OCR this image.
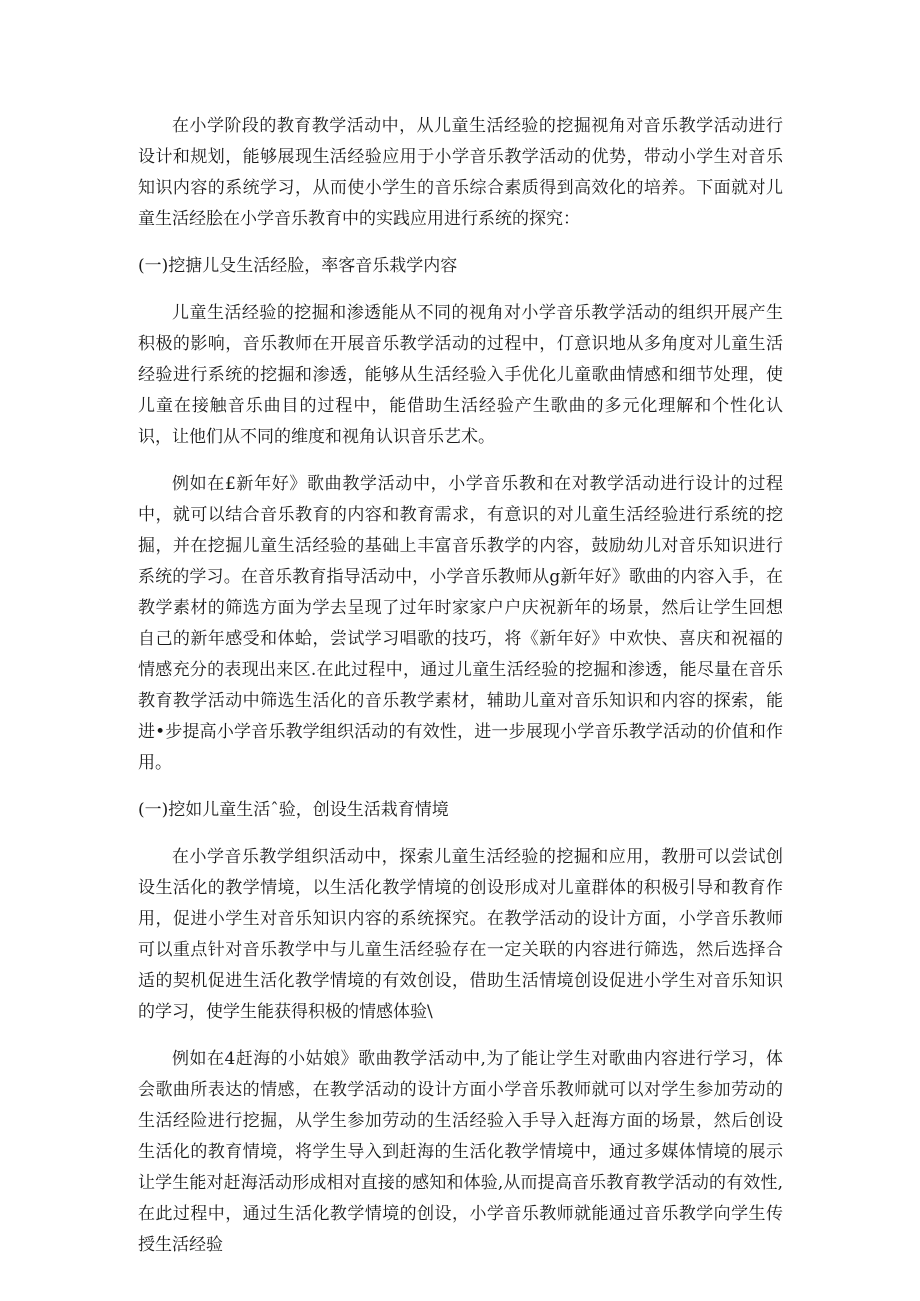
在小学阶段的教育教学活动中，从儿童生活经验的挖掘视角对音乐教学活动进行设计和规划，能够展现生活经验应用于小学音乐教学活动的优势，带动小学生对音乐知识内容的系统学习，从而使小学生的音乐综合素质得到高效化的培养。下面就对儿童生活经脍在小学音乐教育中的实践应用进行系统的探究：

(一)挖搪儿殳生活经脸，率客音乐栽学内容

儿童生活经验的挖掘和渗透能从不同的视角对小学音乐教学活动的组织开展产生积极的影响，音乐教师在开展音乐教学活动的过程中，仃意识地从多角度对儿童生活经验进行系统的挖掘和渗透，能够从生活经验入手优化儿童歌曲情感和细节处理，使儿童在接触音乐曲目的过程中，能借助生活经验产生歌曲的多元化理解和个性化认识，让他们从不同的维度和视角认识音乐艺术。

例如在£新年好》歌曲教学活动中，小学音乐教和在对教学活动进行设计的过程中，就可以结合音乐教育的内容和教育需求，有意识的对儿童生活经验进行系统的挖掘，并在挖掘儿童生活经验的基础上丰富音乐教学的内容，鼓励幼儿对音乐知识进行系统的学习。在音乐教育指导活动中，小学音乐教师从g新年好》歌曲的内容入手，在教学素材的筛选方面为学去呈现了过年时家家户户庆祝新年的场景，然后让学生回想自己的新年感受和体蛤，尝试学习唱歌的技巧，将《新年好》中欢快、喜庆和祝福的情感充分的表现出来区.在此过程中，通过儿童生活经验的挖掘和渗透，能尽量在音乐教育教学活动中筛选生活化的音乐教学素材，辅助儿童对音乐知识和内容的探索，能进•步提高小学音乐教学组织活动的有效性，进一步展现小学音乐教学活动的价值和作用。

(一)挖如儿童生活ˆ验，创设生活栽育情境

在小学音乐教学组织活动中，探索儿童生活经验的挖掘和应用，教册可以尝试创设生活化的教学情境，以生活化教学情境的创设形成对儿童群体的积极引导和教育作用，促进小学生对音乐知识内容的系统探究。在教学活动的设计方面，小学音乐教师可以重点针对音乐教学中与儿童生活经验存在一定关联的内容进行筛选，然后选择合适的契机促进生活化教学情境的有效创设，借助生活情境创设促进小学生对音乐知识的学习，使学生能获得积极的情感体验\

例如在4赶海的小姑娘》歌曲教学活动中,为了能让学生对歌曲内容进行学习，体会歌曲所表达的情感，在教学活动的设计方面小学音乐教师就可以对学生参加劳动的生活经险进行挖掘，从学生参加劳动的生活经验入手导入赶海方面的场景，然后创设生活化的教育情境，将学生导入到赶海的生活化教学情境中，通过多媒体情境的展示让学生能对赶海活动形成相对直接的感知和体验,从而提高音乐教育教学活动的有效性,在此过程中，通过生活化教学情境的创设，小学音乐教师就能通过音乐教学向学生传授生活经验
